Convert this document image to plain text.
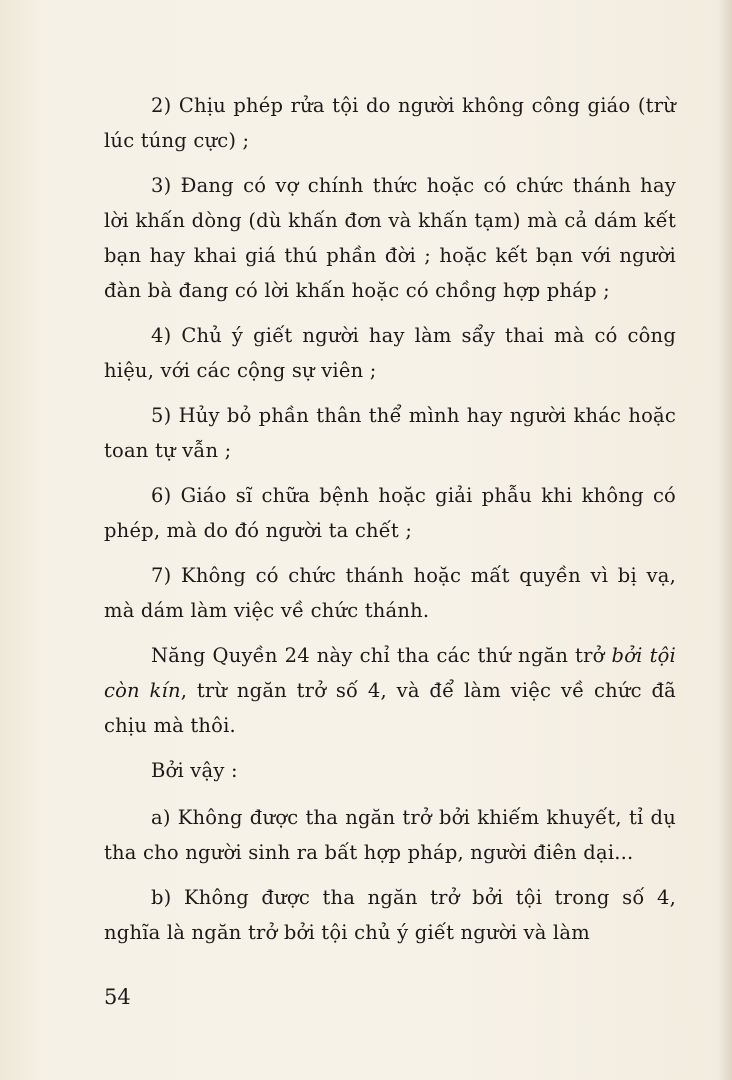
2) Chịu phép rửa tội do người không công giáo (trừ lúc túng cực) ;

3) Đang có vợ chính thức hoặc có chức thánh hay lời khấn dòng (dù khấn đơn và khấn tạm) mà cả dám kết bạn hay khai giá thú phần đời ; hoặc kết bạn với người đàn bà đang có lời khấn hoặc có chồng hợp pháp ;

4) Chủ ý giết người hay làm sẩy thai mà có công hiệu, với các cộng sự viên ;

5) Hủy bỏ phần thân thể mình hay người khác hoặc toan tự vẫn ;

6) Giáo sĩ chữa bệnh hoặc giải phẫu khi không có phép, mà do đó người ta chết ;

7) Không có chức thánh hoặc mất quyền vì bị vạ, mà dám làm việc về chức thánh.

Năng Quyền 24 này chỉ tha các thứ ngăn trở bởi tội còn kín, trừ ngăn trở số 4, và để làm việc về chức đã chịu mà thôi.

Bởi vậy :

a) Không được tha ngăn trở bởi khiếm khuyết, tỉ dụ tha cho người sinh ra bất hợp pháp, người điên dại...

b) Không được tha ngăn trở bởi tội trong số 4, nghĩa là ngăn trở bởi tội chủ ý giết người và làm

54
